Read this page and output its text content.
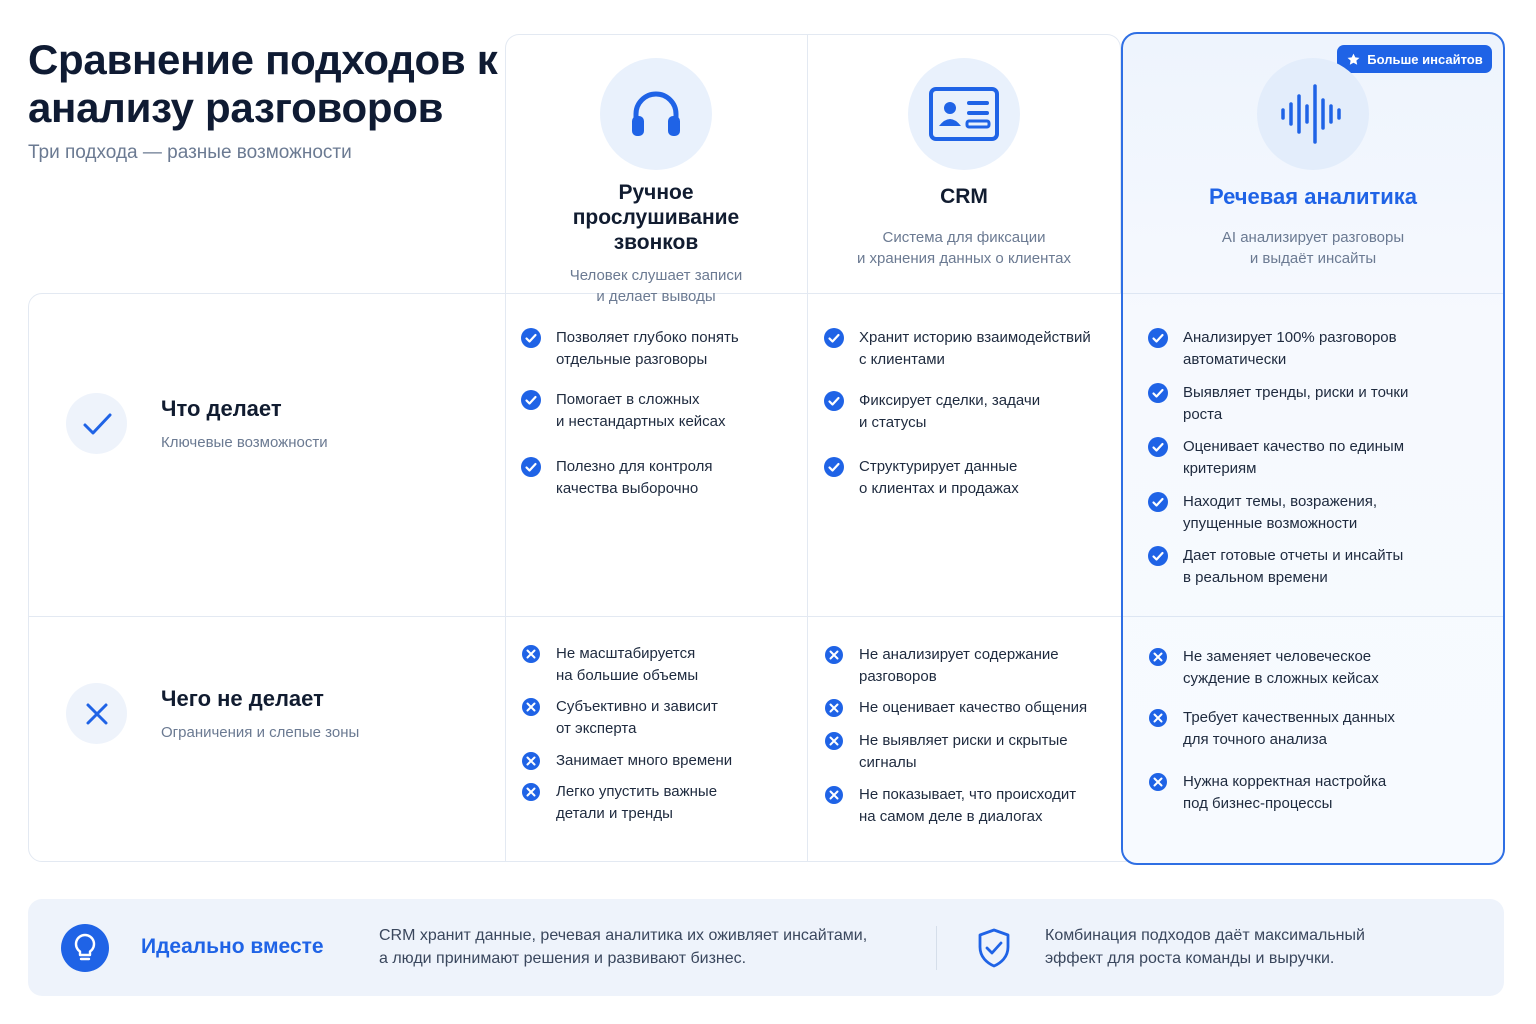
Сравнение подходов к анализу разговоров
Три подхода — разные возможности
Больше инсайтов
Ручное прослушивание звонков
Человек слушает записи
и делает выводы
CRM
Система для фиксации
и хранения данных о клиентах
Речевая аналитика
AI анализирует разговоры
и выдаёт инсайты
Что делает
Ключевые возможности
Чего не делает
Ограничения и слепые зоны
Позволяет глубоко понять
отдельные разговоры
Помогает в сложных
и нестандартных кейсах
Полезно для контроля
качества выборочно
Хранит историю взаимодействий
с клиентами
Фиксирует сделки, задачи
и статусы
Структурирует данные
о клиентах и продажах
Анализирует 100% разговоров
автоматически
Выявляет тренды, риски и точки
роста
Оценивает качество по единым
критериям
Находит темы, возражения,
упущенные возможности
Дает готовые отчеты и инсайты
в реальном времени
Не масштабируется
на большие объемы
Субъективно и зависит
от эксперта
Занимает много времени
Легко упустить важные
детали и тренды
Не анализирует содержание
разговоров
Не оценивает качество общения
Не выявляет риски и скрытые
сигналы
Не показывает, что происходит
на самом деле в диалогах
Не заменяет человеческое
суждение в сложных кейсах
Требует качественных данных
для точного анализа
Нужна корректная настройка
под бизнес-процессы
Идеально вместе	CRM хранит данные, речевая аналитика их оживляет инсайтами,
а люди принимают решения и развивают бизнес.
Комбинация подходов даёт максимальный
эффект для роста команды и выручки.
